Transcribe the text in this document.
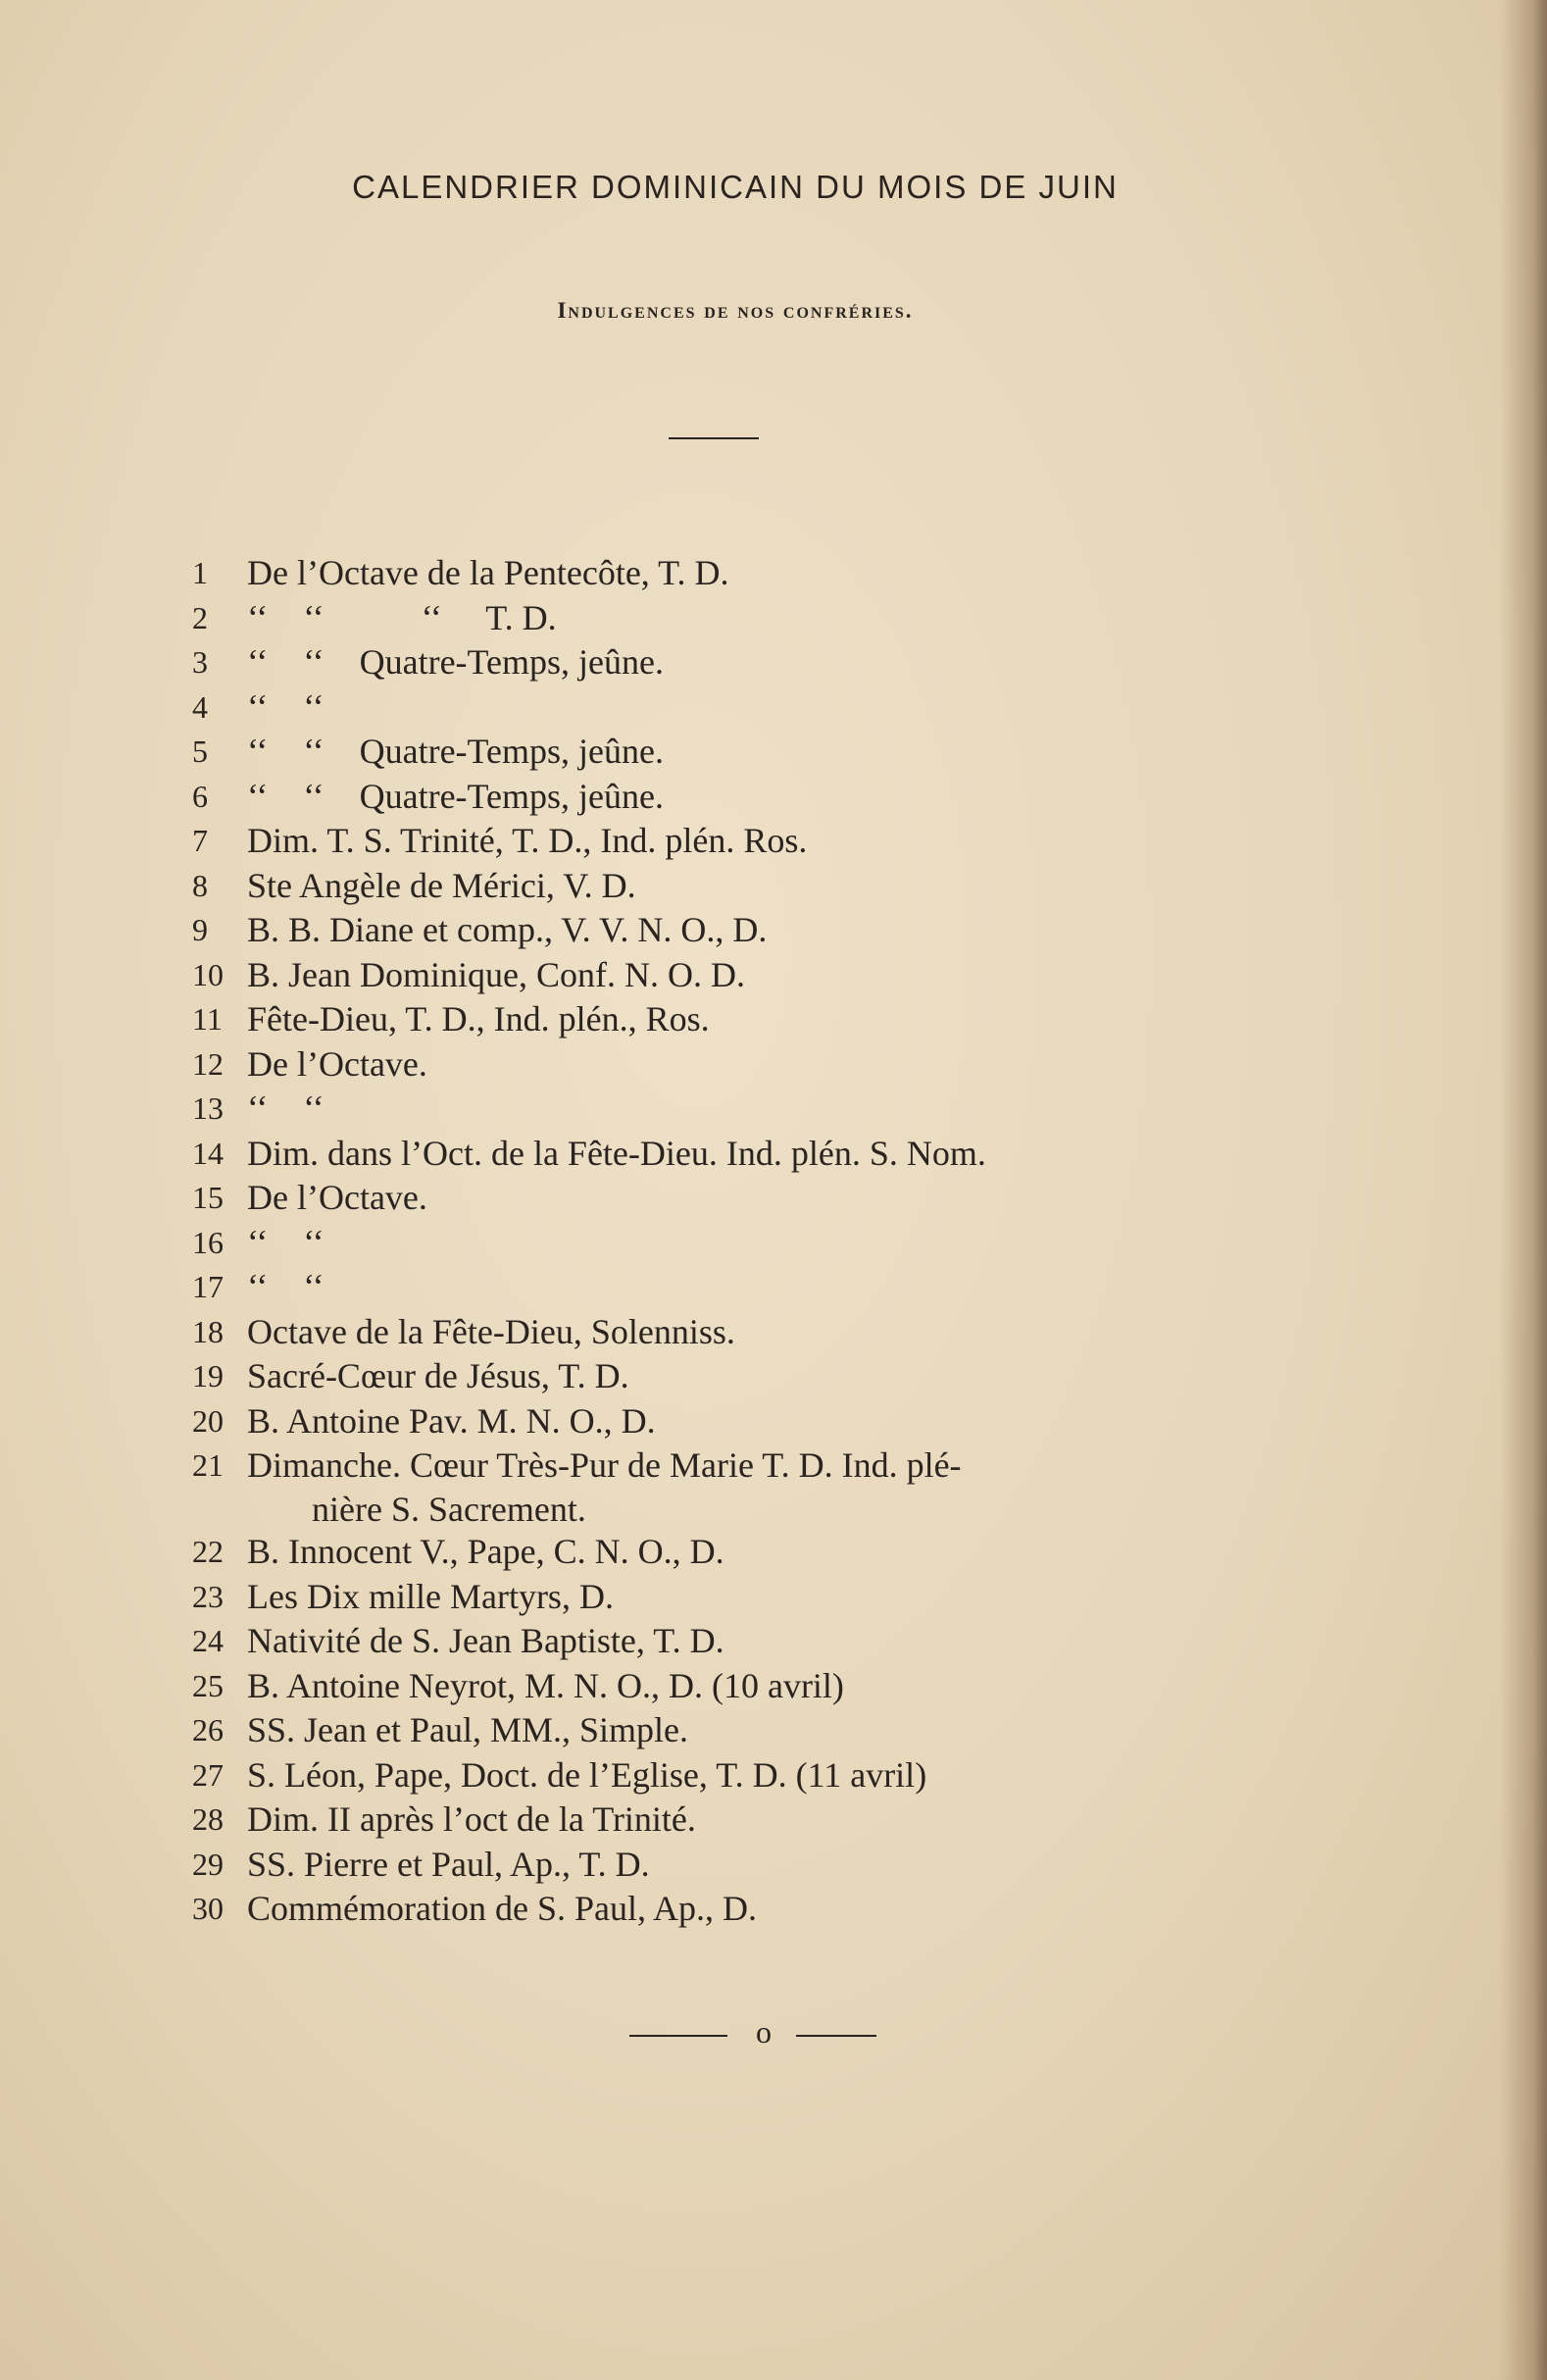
CALENDRIER DOMINICAIN DU MOIS DE JUIN
Indulgences de nos confréries.
1 De l’Octave de la Pentecôte, T. D.
2 ‘‘    ‘‘           ‘‘     T. D.
3 ‘‘    ‘‘    Quatre-Temps, jeûne.
4 ‘‘    ‘‘
5 ‘‘    ‘‘    Quatre-Temps, jeûne.
6 ‘‘    ‘‘    Quatre-Temps, jeûne.
7 Dim. T. S. Trinité, T. D., Ind. plén. Ros.
8 Ste Angèle de Mérici, V. D.
9 B. B. Diane et comp., V. V. N. O., D.
10 B. Jean Dominique, Conf. N. O. D.
11 Fête-Dieu, T. D., Ind. plén., Ros.
12 De l’Octave.
13 ‘‘    ‘‘
14 Dim. dans l’Oct. de la Fête-Dieu. Ind. plén. S. Nom.
15 De l’Octave.
16 ‘‘    ‘‘
17 ‘‘    ‘‘
18 Octave de la Fête-Dieu, Solenniss.
19 Sacré-Cœur de Jésus, T. D.
20 B. Antoine Pav. M. N. O., D.
21 Dimanche. Cœur Très-Pur de Marie T. D. Ind. plé-
nière S. Sacrement.
22 B. Innocent V., Pape, C. N. O., D.
23 Les Dix mille Martyrs, D.
24 Nativité de S. Jean Baptiste, T. D.
25 B. Antoine Neyrot, M. N. O., D. (10 avril)
26 SS. Jean et Paul, MM., Simple.
27 S. Léon, Pape, Doct. de l’Eglise, T. D. (11 avril)
28 Dim. II après l’oct de la Trinité.
29 SS. Pierre et Paul, Ap., T. D.
30 Commémoration de S. Paul, Ap., D.
o
